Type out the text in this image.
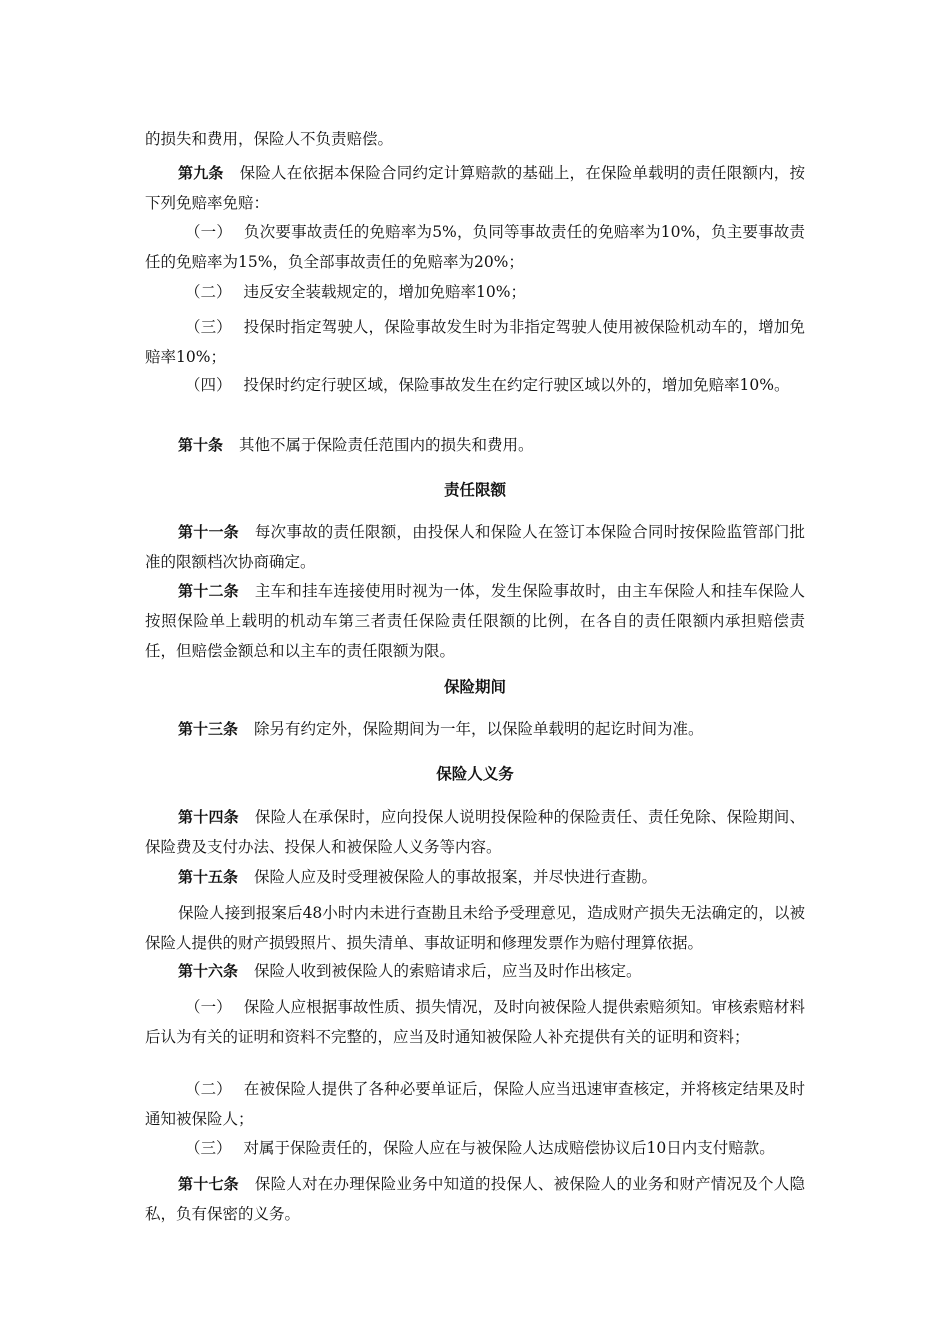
的损失和费用，保险人不负责赔偿。

第九条 保险人在依据本保险合同约定计算赔款的基础上，在保险单载明的责任限额内，按下列免赔率免赔：

（一） 负次要事故责任的免赔率为5%，负同等事故责任的免赔率为10%，负主要事故责任的免赔率为15%，负全部事故责任的免赔率为20%；

（二） 违反安全装载规定的，增加免赔率10%；

（三） 投保时指定驾驶人，保险事故发生时为非指定驾驶人使用被保险机动车的，增加免赔率10%；

（四） 投保时约定行驶区域，保险事故发生在约定行驶区域以外的，增加免赔率10%。

第十条 其他不属于保险责任范围内的损失和费用。

责任限额

第十一条 每次事故的责任限额，由投保人和保险人在签订本保险合同时按保险监管部门批准的限额档次协商确定。

第十二条 主车和挂车连接使用时视为一体，发生保险事故时，由主车保险人和挂车保险人按照保险单上载明的机动车第三者责任保险责任限额的比例，在各自的责任限额内承担赔偿责任，但赔偿金额总和以主车的责任限额为限。

保险期间

第十三条 除另有约定外，保险期间为一年，以保险单载明的起讫时间为准。

保险人义务

第十四条 保险人在承保时，应向投保人说明投保险种的保险责任、责任免除、保险期间、保险费及支付办法、投保人和被保险人义务等内容。

第十五条 保险人应及时受理被保险人的事故报案，并尽快进行查勘。

保险人接到报案后48小时内未进行查勘且未给予受理意见，造成财产损失无法确定的，以被保险人提供的财产损毁照片、损失清单、事故证明和修理发票作为赔付理算依据。

第十六条 保险人收到被保险人的索赔请求后，应当及时作出核定。

（一） 保险人应根据事故性质、损失情况，及时向被保险人提供索赔须知。审核索赔材料后认为有关的证明和资料不完整的，应当及时通知被保险人补充提供有关的证明和资料；

（二） 在被保险人提供了各种必要单证后，保险人应当迅速审查核定，并将核定结果及时通知被保险人；

（三） 对属于保险责任的，保险人应在与被保险人达成赔偿协议后10日内支付赔款。

第十七条 保险人对在办理保险业务中知道的投保人、被保险人的业务和财产情况及个人隐私，负有保密的义务。
